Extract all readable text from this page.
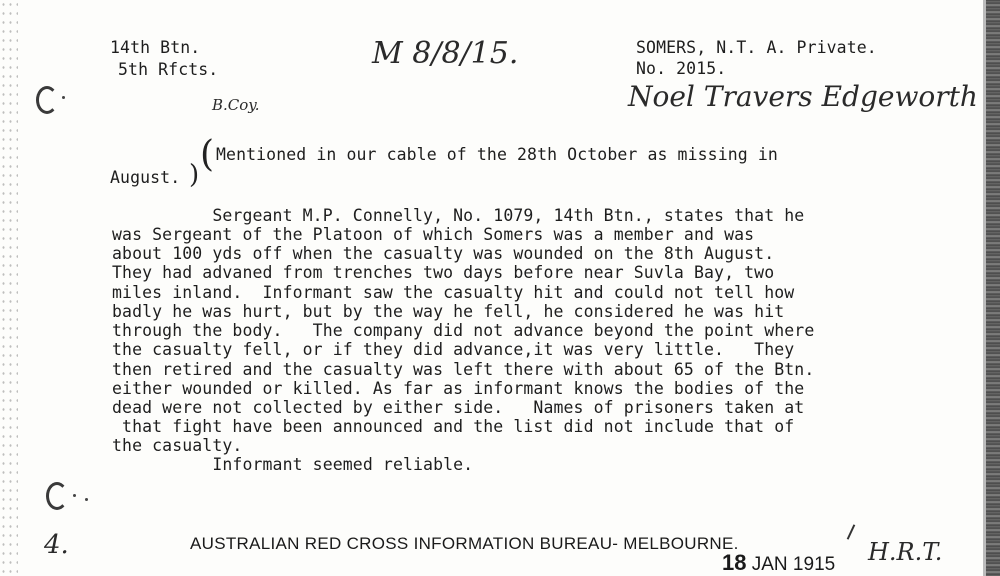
14th Btn.
5th Rfcts.	M 8/8/15.	SOMERS, N.T. A. Private.
No. 2015.
Noel Travers Edgeworth
B.Coy.
(
)
Mentioned in our cable of the 28th October as missing in
August.
Sergeant M.P. Connelly, No. 1079, 14th Btn., states that he
was Sergeant of the Platoon of which Somers was a member and was
about 100 yds off when the casualty was wounded on the 8th August.
They had advaned from trenches two days before near Suvla Bay, two
miles inland.  Informant saw the casualty hit and could not tell how
badly he was hurt, but by the way he fell, he considered he was hit
through the body.   The company did not advance beyond the point where
the casualty fell, or if they did advance,it was very little.   They
then retired and the casualty was left there with about 65 of the Btn.
either wounded or killed. As far as informant knows the bodies of the
dead were not collected by either side.   Names of prisoners taken at
that fight have been announced and the list did not include that of
the casualty.
Informant seemed reliable.
4.	AUSTRALIAN RED CROSS INFORMATION BUREAU- MELBOURNE.
18 JAN 1915 H.R.T.
